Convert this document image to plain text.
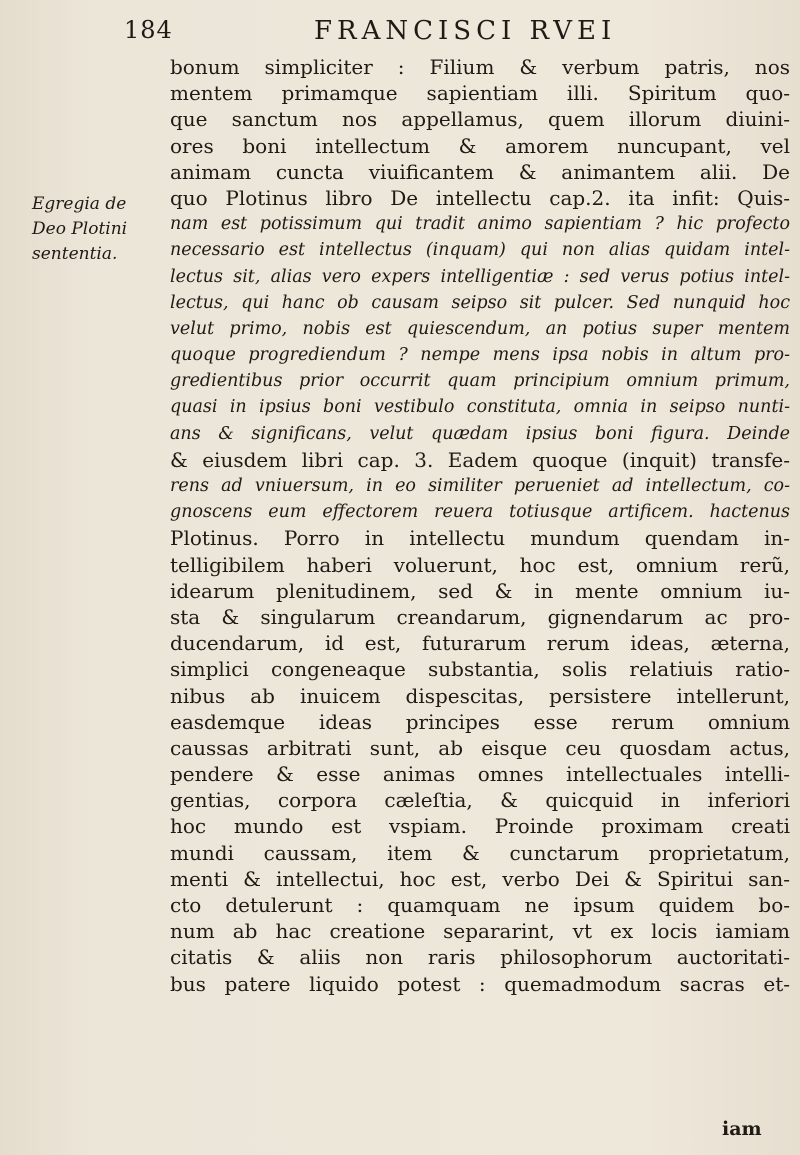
184	FRANCISCI RVEI
Egregia de
Deo Plotini
sententia.
bonum simpliciter : Filium & verbum patris, nos
mentem primamque sapientiam illi. Spiritum quo-
que sanctum nos appellamus, quem illorum diuini-
ores boni intellectum & amorem nuncupant, vel
animam cuncta viuificantem & animantem alii. De
quo Plotinus libro De intellectu cap.2. ita infit: Quis-
nam est potissimum qui tradit animo sapientiam ? hic profecto
necessario est intellectus (inquam) qui non alias quidam intel-
lectus sit, alias vero expers intelligentiæ : sed verus potius intel-
lectus, qui hanc ob causam seipso sit pulcer. Sed nunquid hoc
velut primo, nobis est quiescendum, an potius super mentem
quoque progrediendum ? nempe mens ipsa nobis in altum pro-
gredientibus prior occurrit quam principium omnium primum,
quasi in ipsius boni vestibulo constituta, omnia in seipso nunti-
ans & significans, velut quædam ipsius boni figura. Deinde
& eiusdem libri cap. 3. Eadem quoque (inquit) transfe-
rens ad vniuersum, in eo similiter perueniet ad intellectum, co-
gnoscens eum effectorem reuera totiusque artificem. hactenus
Plotinus. Porro in intellectu mundum quendam in-
telligibilem haberi voluerunt, hoc est, omnium rerũ,
idearum plenitudinem, sed & in mente omnium iu-
sta & singularum creandarum, gignendarum ac pro-
ducendarum, id est, futurarum rerum ideas, æterna,
simplici congeneaque substantia, solis relatiuis ratio-
nibus ab inuicem dispescitas, persistere intellerunt,
easdemque ideas principes esse rerum omnium
caussas arbitrati sunt, ab eisque ceu quosdam actus,
pendere & esse animas omnes intellectuales intelli-
gentias, corpora cæleſtia, & quicquid in inferiori
hoc mundo est vspiam. Proinde proximam creati
mundi caussam, item & cunctarum proprietatum,
menti & intellectui, hoc est, verbo Dei & Spiritui san-
cto detulerunt : quamquam ne ipsum quidem bo-
num ab hac creatione separarint, vt ex locis iamiam
citatis & aliis non raris philosophorum auctoritati-
bus patere liquido potest : quemadmodum sacras et-
iam
